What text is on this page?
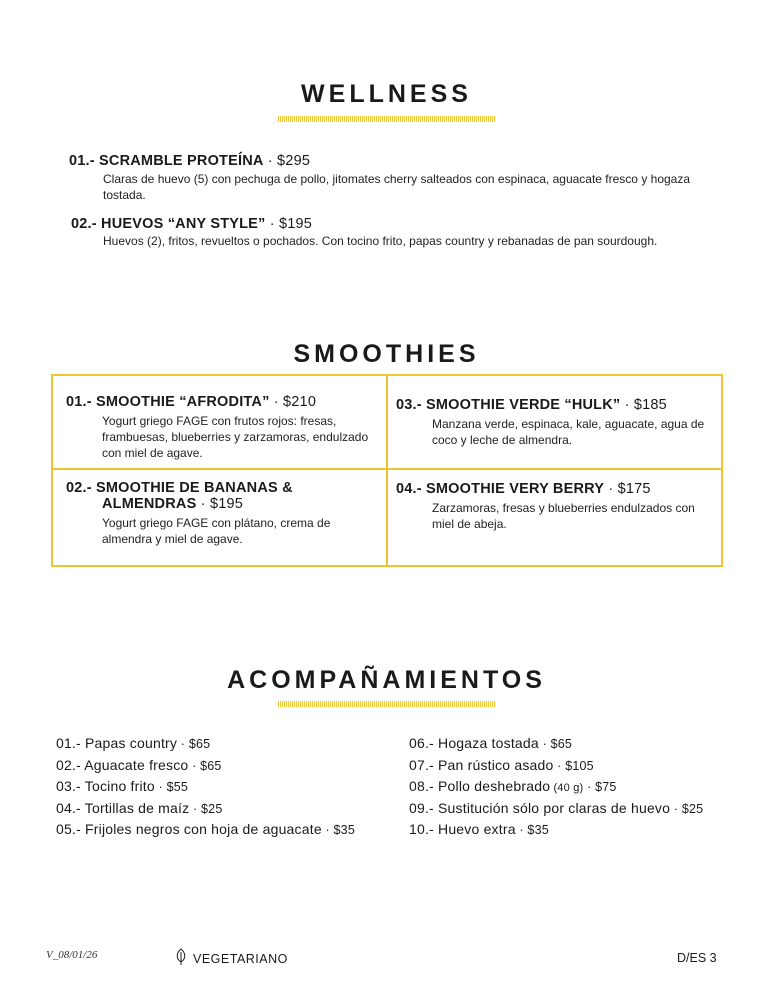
WELLNESS
01.- SCRAMBLE PROTEÍNA · $295
Claras de huevo (5) con pechuga de pollo, jitomates cherry salteados con espinaca, aguacate fresco y hogaza tostada.
02.- HUEVOS “ANY STYLE” · $195
Huevos (2), fritos, revueltos o pochados. Con tocino frito, papas country y rebanadas de pan sourdough.
SMOOTHIES
01.- SMOOTHIE “AFRODITA” · $210
Yogurt griego FAGE con frutos rojos: fresas, frambuesas, blueberries y zarzamoras, endulzado con miel de agave.
02.- SMOOTHIE DE BANANAS &
ALMENDRAS · $195
Yogurt griego FAGE con plátano, crema de almendra y miel de agave.
03.- SMOOTHIE VERDE “HULK” · $185
Manzana verde, espinaca, kale, aguacate, agua de coco y leche de almendra.
04.- SMOOTHIE VERY BERRY · $175
Zarzamoras, fresas y blueberries endulzados con miel de abeja.
ACOMPAÑAMIENTOS
01.- Papas country · $65
02.- Aguacate fresco · $65
03.- Tocino frito · $55
04.- Tortillas de maíz · $25
05.- Frijoles negros con hoja de aguacate · $35
06.- Hogaza tostada · $65
07.- Pan rústico asado · $105
08.- Pollo deshebrado (40 g) · $75
09.- Sustitución sólo por claras de huevo · $25
10.- Huevo extra · $35
V_08/01/26	VEGETARIANO	D/ES 3
